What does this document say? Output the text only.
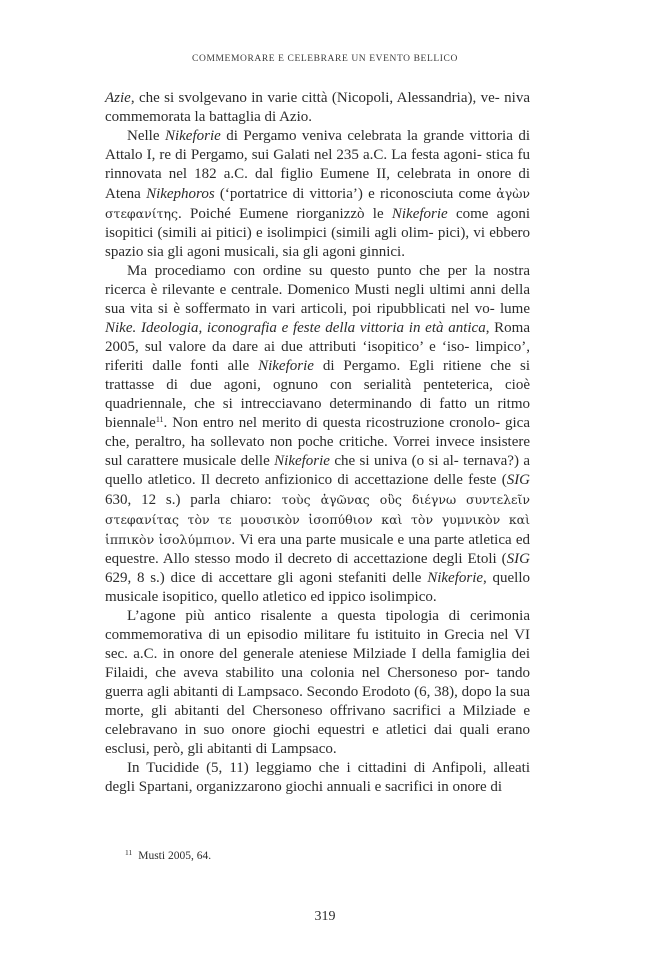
COMMEMORARE E CELEBRARE UN EVENTO BELLICO

Azie, che si svolgevano in varie città (Nicopoli, Alessandria), ve- niva commemorata la battaglia di Azio.

Nelle Nikeforie di Pergamo veniva celebrata la grande vittoria di Attalo I, re di Pergamo, sui Galati nel 235 a.C. La festa agoni- stica fu rinnovata nel 182 a.C. dal figlio Eumene II, celebrata in onore di Atena Nikephoros (‘portatrice di vittoria’) e riconosciuta come ἀγὼν στεφανίτης. Poiché Eumene riorganizzò le Nikeforie come agoni isopitici (simili ai pitici) e isolimpici (simili agli olim- pici), vi ebbero spazio sia gli agoni musicali, sia gli agoni ginnici.

Ma procediamo con ordine su questo punto che per la nostra ricerca è rilevante e centrale. Domenico Musti negli ultimi anni della sua vita si è soffermato in vari articoli, poi ripubblicati nel vo- lume Nike. Ideologia, iconografia e feste della vittoria in età antica, Roma 2005, sul valore da dare ai due attributi ‘isopitico’ e ‘iso- limpico’, riferiti dalle fonti alle Nikeforie di Pergamo. Egli ritiene che si trattasse di due agoni, ognuno con serialità penteterica, cioè quadriennale, che si intrecciavano determinando di fatto un ritmo biennale$^{11}$. Non entro nel merito di questa ricostruzione cronolo- gica che, peraltro, ha sollevato non poche critiche. Vorrei invece insistere sul carattere musicale delle Nikeforie che si univa (o si al- ternava?) a quello atletico. Il decreto anfizionico di accettazione delle feste (SIG 630, 12 s.) parla chiaro: τοὺς ἀγῶνας οὓς διέγνω συντελεῖν στεφανίτας τὸν τε μουσικὸν ἰσοπύθιον καὶ τὸν γυμνικὸν καὶ ἱππικὸν ἰσολύμπιον. Vi era una parte musicale e una parte atletica ed equestre. Allo stesso modo il decreto di accettazione degli Etoli (SIG 629, 8 s.) dice di accettare gli agoni stefaniti delle Nikeforie, quello musicale isopitico, quello atletico ed ippico isolimpico.

L’agone più antico risalente a questa tipologia di cerimonia commemorativa di un episodio militare fu istituito in Grecia nel VI sec. a.C. in onore del generale ateniese Milziade I della famiglia dei Filaidi, che aveva stabilito una colonia nel Chersoneso por- tando guerra agli abitanti di Lampsaco. Secondo Erodoto (6, 38), dopo la sua morte, gli abitanti del Chersoneso offrivano sacrifici a Milziade e celebravano in suo onore giochi equestri e atletici dai quali erano esclusi, però, gli abitanti di Lampsaco.

In Tucidide (5, 11) leggiamo che i cittadini di Anfipoli, alleati degli Spartani, organizzarono giochi annuali e sacrifici in onore di

$^{11}$ Musti 2005, 64.
319
